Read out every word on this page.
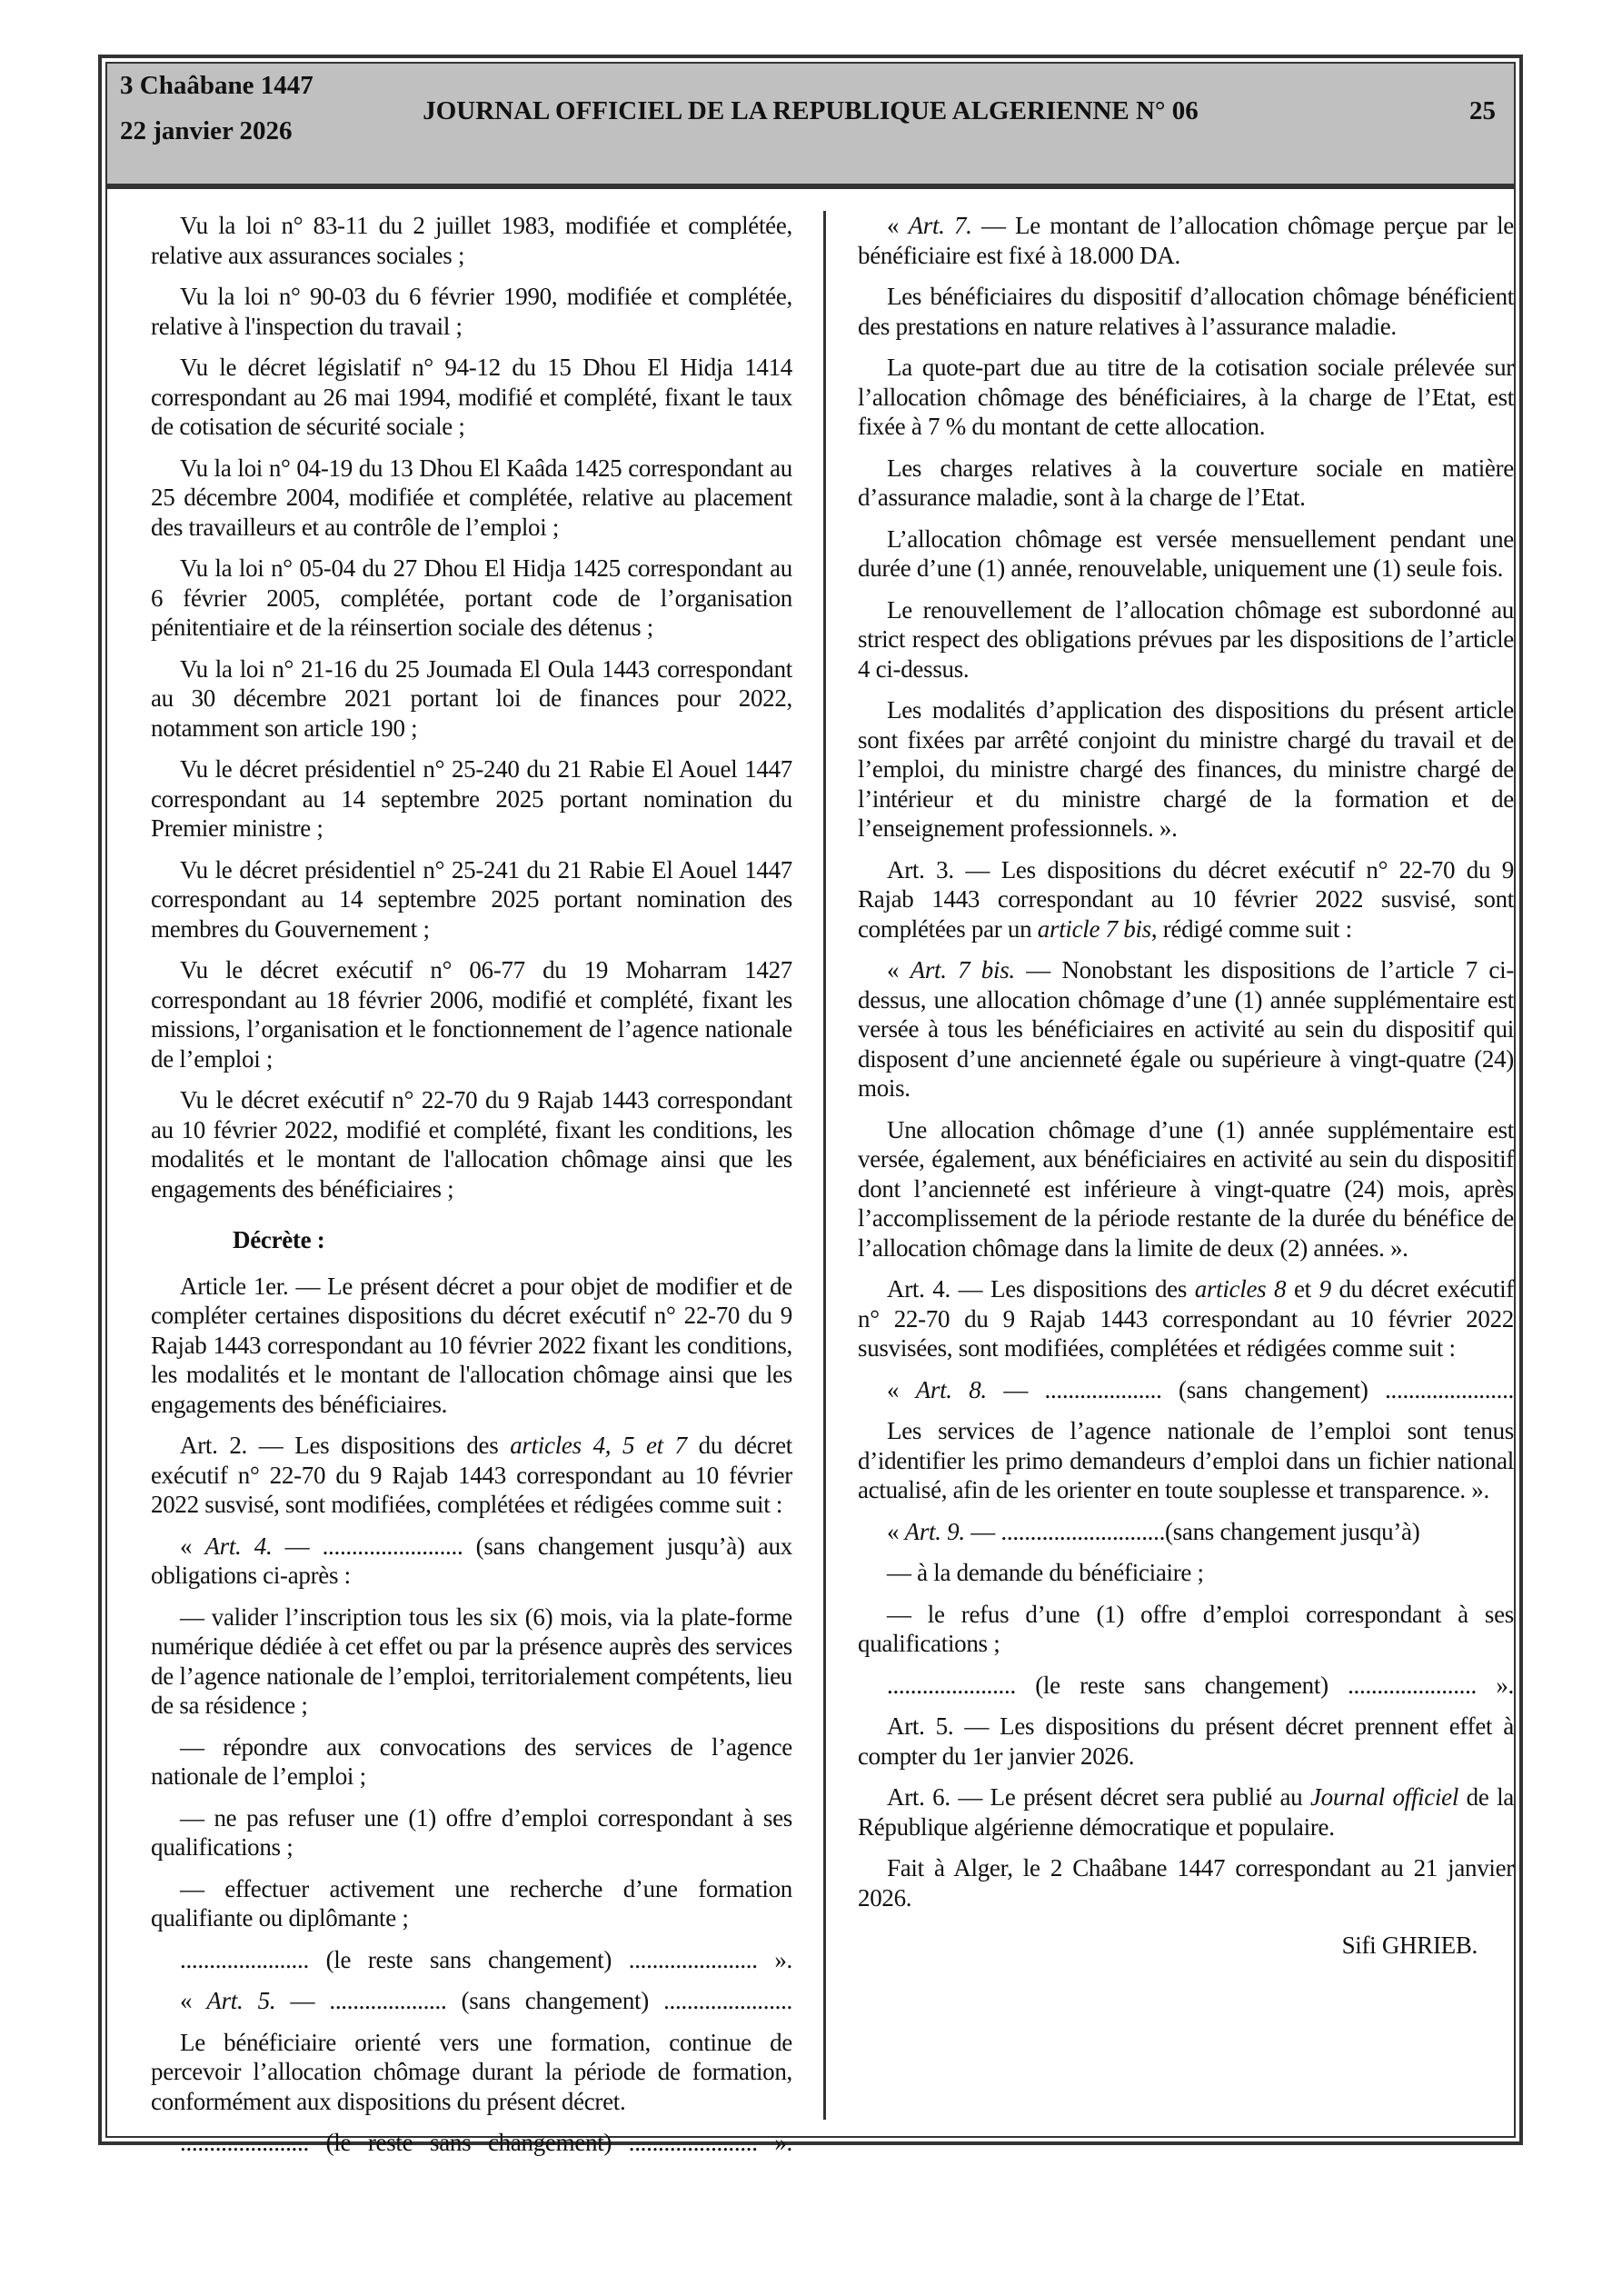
3 Chaâbane 1447
22 janvier 2026
JOURNAL OFFICIEL DE LA REPUBLIQUE ALGERIENNE N° 06	25

Vu la loi n° 83-11 du 2 juillet 1983, modifiée et complétée, relative aux assurances sociales ;

Vu la loi n° 90-03 du 6 février 1990, modifiée et complétée, relative à l'inspection du travail ;

Vu le décret législatif n° 94-12 du 15 Dhou El Hidja 1414 correspondant au 26 mai 1994, modifié et complété, fixant le taux de cotisation de sécurité sociale ;

Vu la loi n° 04-19 du 13 Dhou El Kaâda 1425 correspondant au 25 décembre 2004, modifiée et complétée, relative au placement des travailleurs et au contrôle de l’emploi ;

Vu la loi n° 05-04 du 27 Dhou El Hidja 1425 correspondant au 6 février 2005, complétée, portant code de l’organisation pénitentiaire et de la réinsertion sociale des détenus ;

Vu la loi n° 21-16 du 25 Joumada El Oula 1443 correspondant au 30 décembre 2021 portant loi de finances pour 2022, notamment son article 190 ;

Vu le décret présidentiel n° 25-240 du 21 Rabie El Aouel 1447 correspondant au 14 septembre 2025 portant nomination du Premier ministre ;

Vu le décret présidentiel n° 25-241 du 21 Rabie El Aouel 1447 correspondant au 14 septembre 2025 portant nomination des membres du Gouvernement ;

Vu le décret exécutif n° 06-77 du 19 Moharram 1427 correspondant au 18 février 2006, modifié et complété, fixant les missions, l’organisation et le fonctionnement de l’agence nationale de l’emploi ;

Vu le décret exécutif n° 22-70 du 9 Rajab 1443 correspondant au 10 février 2022, modifié et complété, fixant les conditions, les modalités et le montant de l'allocation chômage ainsi que les engagements des bénéficiaires ;

Décrète :

Article 1er. — Le présent décret a pour objet de modifier et de compléter certaines dispositions du décret exécutif n° 22-70 du 9 Rajab 1443 correspondant au 10 février 2022 fixant les conditions, les modalités et le montant de l'allocation chômage ainsi que les engagements des bénéficiaires.

Art. 2. — Les dispositions des articles 4, 5 et 7 du décret exécutif n° 22-70 du 9 Rajab 1443 correspondant au 10 février 2022 susvisé, sont modifiées, complétées et rédigées comme suit :

« Art. 4. — ........................ (sans changement jusqu’à) aux obligations ci-après :

— valider l’inscription tous les six (6) mois, via la plate-forme numérique dédiée à cet effet ou par la présence auprès des services de l’agence nationale de l’emploi, territorialement compétents, lieu de sa résidence ;

— répondre aux convocations des services de l’agence nationale de l’emploi ;

— ne pas refuser une (1) offre d’emploi correspondant à ses qualifications ;

— effectuer activement une recherche d’une formation qualifiante ou diplômante ;

...................... (le reste sans changement) ...................... ».

« Art. 5. — .................... (sans changement) ......................

Le bénéficiaire orienté vers une formation, continue de percevoir l’allocation chômage durant la période de formation, conformément aux dispositions du présent décret.

...................... (le reste sans changement) ...................... ».

« Art. 7. — Le montant de l’allocation chômage perçue par le bénéficiaire est fixé à 18.000 DA.

Les bénéficiaires du dispositif d’allocation chômage bénéficient des prestations en nature relatives à l’assurance maladie.

La quote-part due au titre de la cotisation sociale prélevée sur l’allocation chômage des bénéficiaires, à la charge de l’Etat, est fixée à 7 % du montant de cette allocation.

Les charges relatives à la couverture sociale en matière d’assurance maladie, sont à la charge de l’Etat.

L’allocation chômage est versée mensuellement pendant une durée d’une (1) année, renouvelable, uniquement une (1) seule fois.

Le renouvellement de l’allocation chômage est subordonné au strict respect des obligations prévues par les dispositions de l’article 4 ci-dessus.

Les modalités d’application des dispositions du présent article sont fixées par arrêté conjoint du ministre chargé du travail et de l’emploi, du ministre chargé des finances, du ministre chargé de l’intérieur et du ministre chargé de la formation et de l’enseignement professionnels. ».

Art. 3. — Les dispositions du décret exécutif n° 22-70 du 9 Rajab 1443 correspondant au 10 février 2022 susvisé, sont complétées par un article 7 bis, rédigé comme suit :

« Art. 7 bis. — Nonobstant les dispositions de l’article 7 ci-dessus, une allocation chômage d’une (1) année supplémentaire est versée à tous les bénéficiaires en activité au sein du dispositif qui disposent d’une ancienneté égale ou supérieure à vingt-quatre (24) mois.

Une allocation chômage d’une (1) année supplémentaire est versée, également, aux bénéficiaires en activité au sein du dispositif dont l’ancienneté est inférieure à vingt-quatre (24) mois, après l’accomplissement de la période restante de la durée du bénéfice de l’allocation chômage dans la limite de deux (2) années. ».

Art. 4. — Les dispositions des articles 8 et 9 du décret exécutif n° 22-70 du 9 Rajab 1443 correspondant au 10 février 2022 susvisées, sont modifiées, complétées et rédigées comme suit :

« Art. 8. — .................... (sans changement) ......................

Les services de l’agence nationale de l’emploi sont tenus d’identifier les primo demandeurs d’emploi dans un fichier national actualisé, afin de les orienter en toute souplesse et transparence. ».

« Art. 9. — ............................(sans changement jusqu’à)

— à la demande du bénéficiaire ;

— le refus d’une (1) offre d’emploi correspondant à ses qualifications ;

...................... (le reste sans changement) ...................... ».

Art. 5. — Les dispositions du présent décret prennent effet à compter du 1er janvier 2026.

Art. 6. — Le présent décret sera publié au Journal officiel de la République algérienne démocratique et populaire.

Fait à Alger, le 2 Chaâbane 1447 correspondant au 21 janvier 2026.

Sifi GHRIEB.
